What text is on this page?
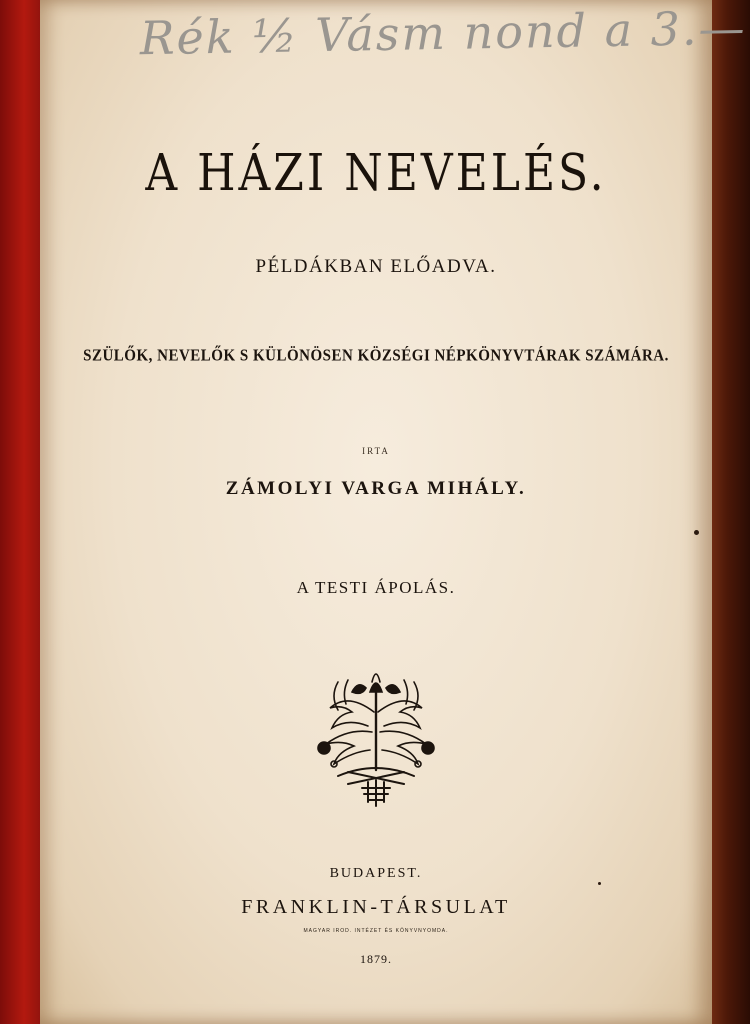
Rék ½ Vásm nond a 3.—
A HÁZI NEVELÉS.
PÉLDÁKBAN ELŐADVA.
SZÜLŐK, NEVELŐK S KÜLÖNÖSEN KÖZSÉGI NÉPKÖNYVTÁRAK SZÁMÁRA.
IRTA
ZÁMOLYI VARGA MIHÁLY.
A TESTI ÁPOLÁS.
BUDAPEST.
FRANKLIN-TÁRSULAT
MAGYAR IROD. INTÉZET ÉS KÖNYVNYOMDA.
1879.
